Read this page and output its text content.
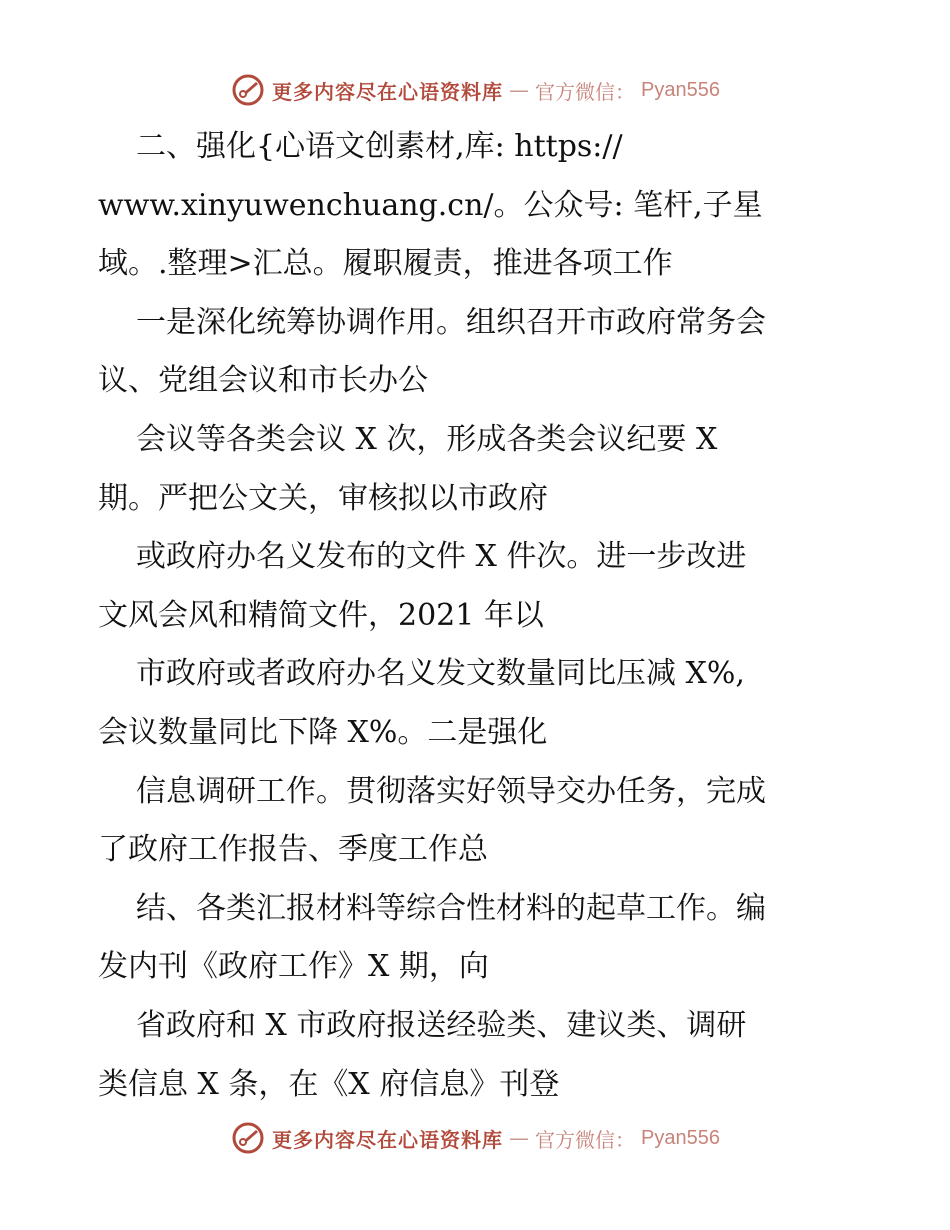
更多内容尽在心语资料库 — 官方微信： Pyan556
二、强化{心语文创素材,库: https://
www.xinyuwenchuang.cn/。公众号: 笔杆,子星
域。.整理>汇总。履职履责，推进各项工作
一是深化统筹协调作用。组织召开市政府常务会
议、党组会议和市长办公
会议等各类会议 X 次，形成各类会议纪要 X
期。严把公文关，审核拟以市政府
或政府办名义发布的文件 X 件次。进一步改进
文风会风和精简文件，2021 年以
市政府或者政府办名义发文数量同比压减 X%,
会议数量同比下降 X%。二是强化
信息调研工作。贯彻落实好领导交办任务，完成
了政府工作报告、季度工作总
结、各类汇报材料等综合性材料的起草工作。编
发内刊《政府工作》X 期，向
省政府和 X 市政府报送经验类、建议类、调研
类信息 X 条，在《X 府信息》刊登
更多内容尽在心语资料库 — 官方微信： Pyan556
